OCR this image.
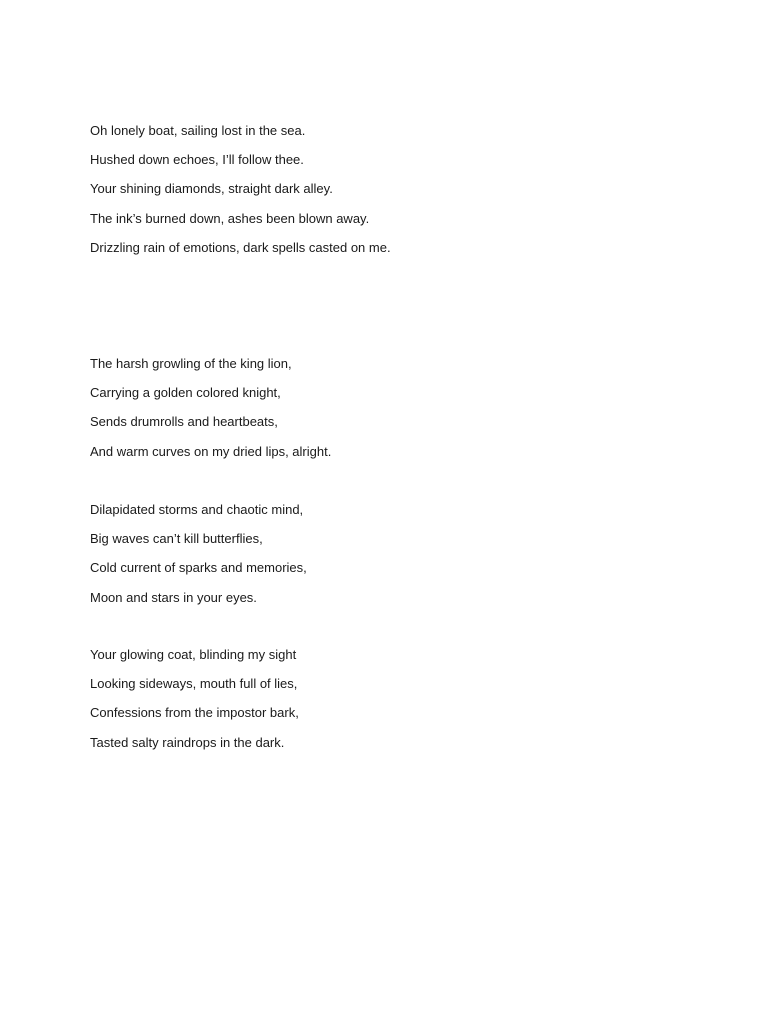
Oh lonely boat, sailing lost in the sea.
Hushed down echoes, I’ll follow thee.
Your shining diamonds, straight dark alley.
The ink’s burned down, ashes been blown away.
Drizzling rain of emotions, dark spells casted on me.
The harsh growling of the king lion,
Carrying a golden colored knight,
Sends drumrolls and heartbeats,
And warm curves on my dried lips, alright.
Dilapidated storms and chaotic mind,
Big waves can’t kill butterflies,
Cold current of sparks and memories,
Moon and stars in your eyes.
Your glowing coat, blinding my sight
Looking sideways, mouth full of lies,
Confessions from the impostor bark,
Tasted salty raindrops in the dark.
